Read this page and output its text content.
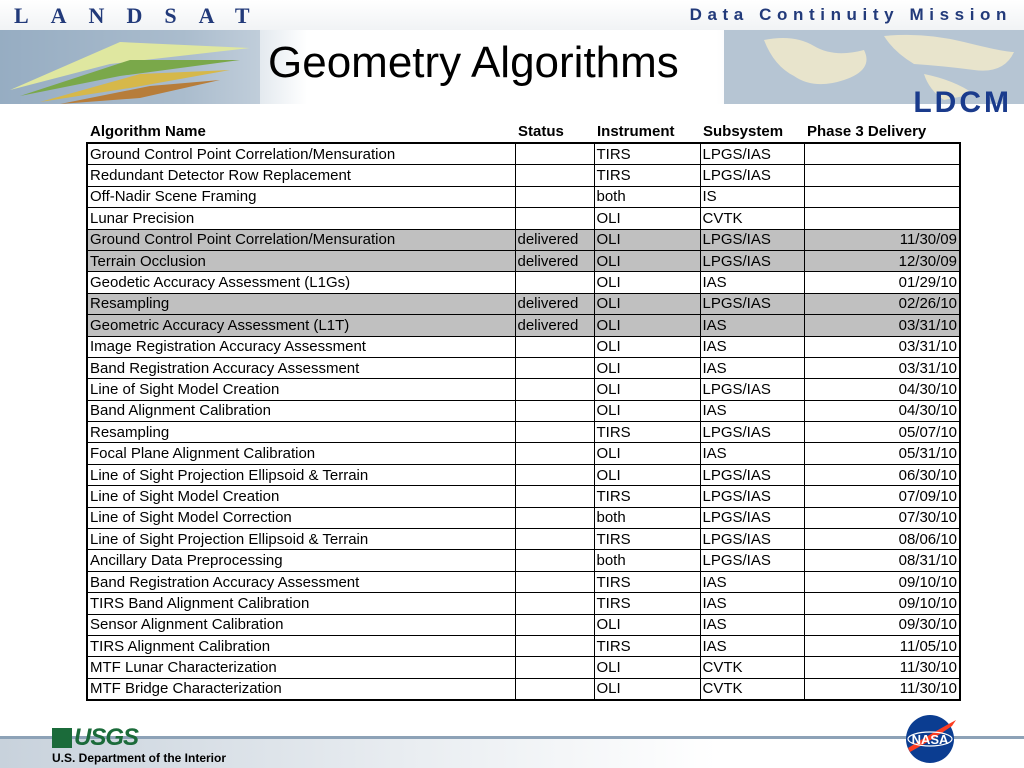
LANDSAT	Data Continuity Mission
Geometry Algorithms
LDCM
Algorithm Name	Status	Instrument	Subsystem	Phase 3 Delivery
Ground Control Point Correlation/Mensuration		TIRS	LPGS/IAS	
Redundant Detector Row Replacement		TIRS	LPGS/IAS	
Off-Nadir Scene Framing		both	IS	
Lunar Precision		OLI	CVTK	
Ground Control Point Correlation/Mensuration	delivered	OLI	LPGS/IAS	11/30/09
Terrain Occlusion	delivered	OLI	LPGS/IAS	12/30/09
Geodetic Accuracy Assessment (L1Gs)		OLI	IAS	01/29/10
Resampling	delivered	OLI	LPGS/IAS	02/26/10
Geometric Accuracy Assessment (L1T)	delivered	OLI	IAS	03/31/10
Image Registration Accuracy Assessment		OLI	IAS	03/31/10
Band Registration Accuracy Assessment		OLI	IAS	03/31/10
Line of Sight Model Creation		OLI	LPGS/IAS	04/30/10
Band Alignment Calibration		OLI	IAS	04/30/10
Resampling		TIRS	LPGS/IAS	05/07/10
Focal Plane Alignment Calibration		OLI	IAS	05/31/10
Line of Sight Projection Ellipsoid & Terrain		OLI	LPGS/IAS	06/30/10
Line of Sight Model Creation		TIRS	LPGS/IAS	07/09/10
Line of Sight Model Correction		both	LPGS/IAS	07/30/10
Line of Sight Projection Ellipsoid & Terrain		TIRS	LPGS/IAS	08/06/10
Ancillary Data Preprocessing		both	LPGS/IAS	08/31/10
Band Registration Accuracy Assessment		TIRS	IAS	09/10/10
TIRS Band Alignment Calibration		TIRS	IAS	09/10/10
Sensor Alignment Calibration		OLI	IAS	09/30/10
TIRS Alignment Calibration		TIRS	IAS	11/05/10
MTF Lunar Characterization		OLI	CVTK	11/30/10
MTF Bridge Characterization		OLI	CVTK	11/30/10
USGS
U.S. Department of the Interior
NASA
